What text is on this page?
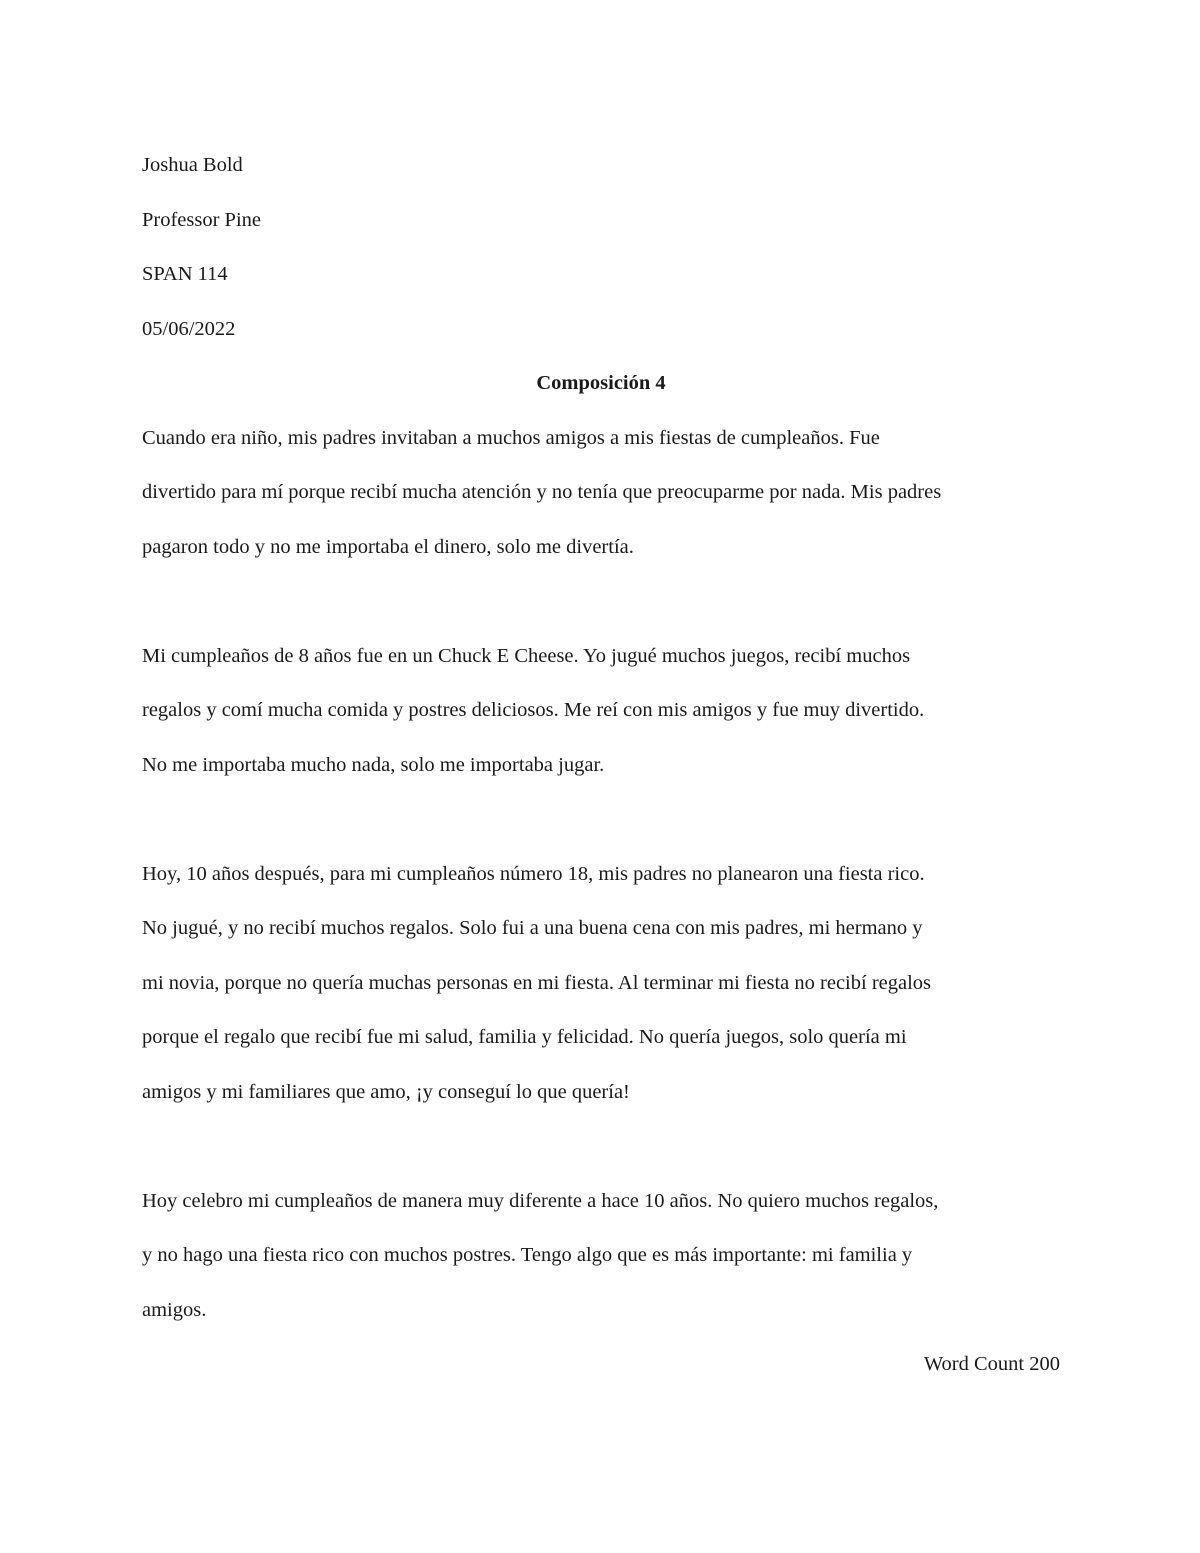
Joshua Bold
Professor Pine
SPAN 114
05/06/2022
Composición 4
Cuando era niño, mis padres invitaban a muchos amigos a mis fiestas de cumpleaños. Fue
divertido para mí porque recibí mucha atención y no tenía que preocuparme por nada. Mis padres
pagaron todo y no me importaba el dinero, solo me divertía.
Mi cumpleaños de 8 años fue en un Chuck E Cheese. Yo jugué muchos juegos, recibí muchos
regalos y comí mucha comida y postres deliciosos. Me reí con mis amigos y fue muy divertido.
No me importaba mucho nada, solo me importaba jugar.
Hoy, 10 años después, para mi cumpleaños número 18, mis padres no planearon una fiesta rico.
No jugué, y no recibí muchos regalos. Solo fui a una buena cena con mis padres, mi hermano y
mi novia, porque no quería muchas personas en mi fiesta. Al terminar mi fiesta no recibí regalos
porque el regalo que recibí fue mi salud, familia y felicidad. No quería juegos, solo quería mi
amigos y mi familiares que amo, ¡y conseguí lo que quería!
Hoy celebro mi cumpleaños de manera muy diferente a hace 10 años. No quiero muchos regalos,
y no hago una fiesta rico con muchos postres. Tengo algo que es más importante: mi familia y
amigos.
Word Count 200
